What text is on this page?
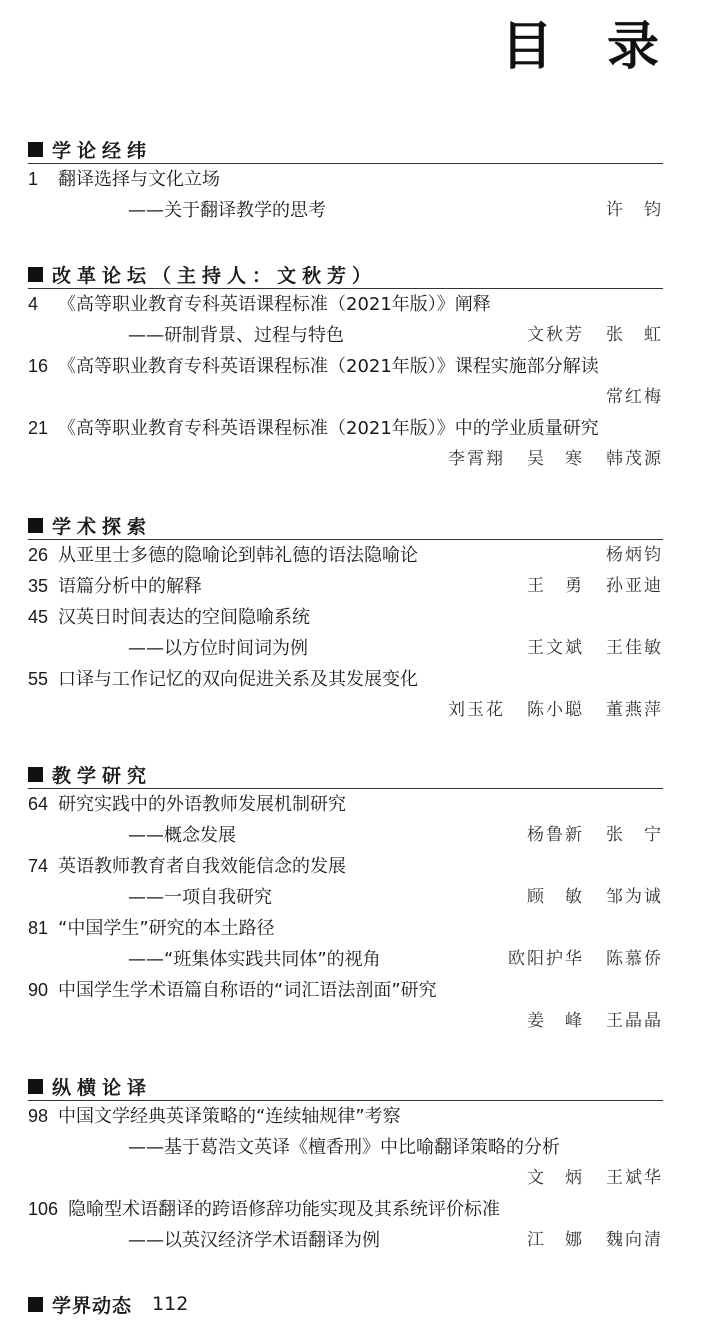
目 录
学论经纬
1 翻译选择与文化立场
——关于翻译教学的思考	许　钧
改革论坛（主持人：文秋芳）
4 《高等职业教育专科英语课程标准（2021年版）》阐释
——研制背景、过程与特色	文秋芳 张　虹
16 《高等职业教育专科英语课程标准（2021年版）》课程实施部分解读
常红梅
21 《高等职业教育专科英语课程标准（2021年版）》中的学业质量研究
李霄翔 吴　寒 韩茂源
学术探索
26 从亚里士多德的隐喻论到韩礼德的语法隐喻论	杨炳钧
35 语篇分析中的解释	王　勇 孙亚迪
45 汉英日时间表达的空间隐喻系统
——以方位时间词为例	王文斌 王佳敏
55 口译与工作记忆的双向促进关系及其发展变化
刘玉花 陈小聪 董燕萍
教学研究
64 研究实践中的外语教师发展机制研究
——概念发展	杨鲁新 张　宁
74 英语教师教育者自我效能信念的发展
——一项自我研究	顾　敏 邹为诚
81 “中国学生”研究的本土路径
——“班集体实践共同体”的视角	欧阳护华 陈慕侨
90 中国学生学术语篇自称语的“词汇语法剖面”研究
姜　峰 王晶晶
纵横论译
98 中国文学经典英译策略的“连续轴规律”考察
——基于葛浩文英译《檀香刑》中比喻翻译策略的分析
文　炳 王斌华
106 隐喻型术语翻译的跨语修辞功能实现及其系统评价标准
——以英汉经济学术语翻译为例	江　娜 魏向清
学界动态 112
